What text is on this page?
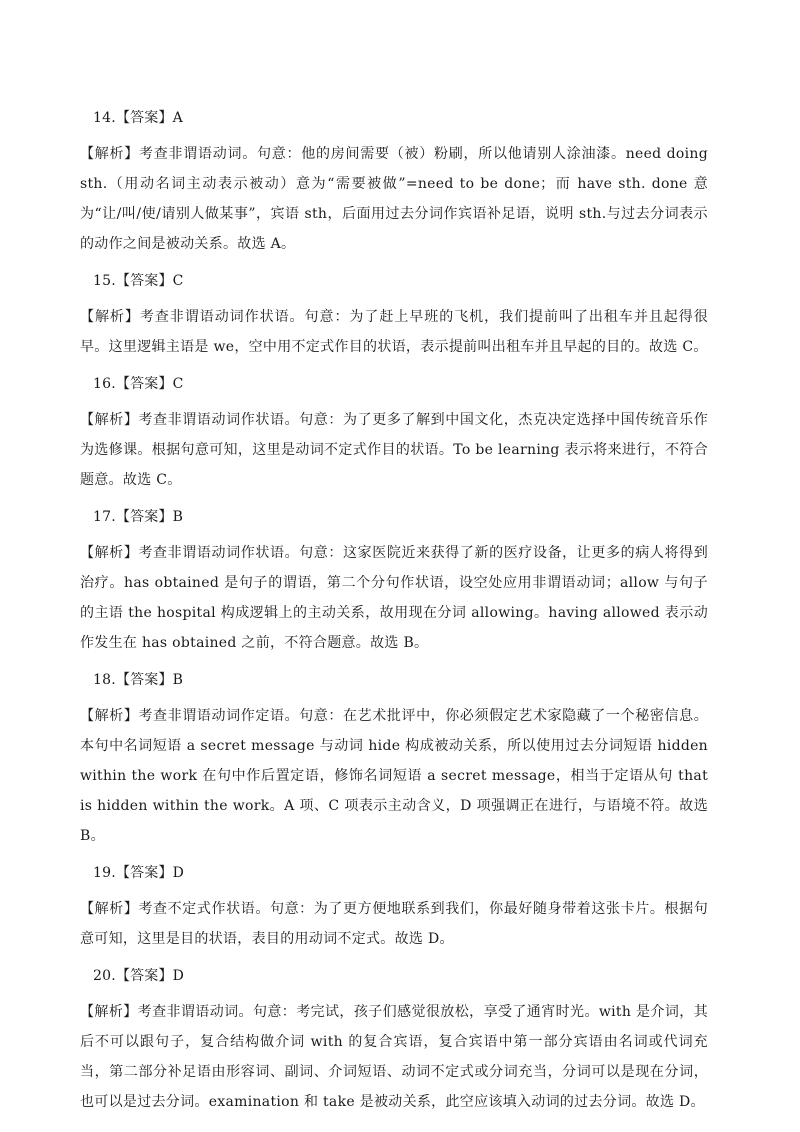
14.【答案】A

【解析】考查非谓语动词。句意：他的房间需要（被）粉刷，所以他请别人涂油漆。need doing sth.（用动名词主动表示被动）意为“需要被做”=need to be done；而 have sth. done 意为“让/叫/使/请别人做某事”，宾语 sth，后面用过去分词作宾语补足语，说明 sth.与过去分词表示的动作之间是被动关系。故选 A。

15.【答案】C

【解析】考查非谓语动词作状语。句意：为了赶上早班的飞机，我们提前叫了出租车并且起得很早。这里逻辑主语是 we，空中用不定式作目的状语，表示提前叫出租车并且早起的目的。故选 C。

16.【答案】C

【解析】考查非谓语动词作状语。句意：为了更多了解到中国文化，杰克决定选择中国传统音乐作为选修课。根据句意可知，这里是动词不定式作目的状语。To be learning 表示将来进行，不符合题意。故选 C。

17.【答案】B

【解析】考查非谓语动词作状语。句意：这家医院近来获得了新的医疗设备，让更多的病人将得到治疗。has obtained 是句子的谓语，第二个分句作状语，设空处应用非谓语动词；allow 与句子的主语 the hospital 构成逻辑上的主动关系，故用现在分词 allowing。having allowed 表示动作发生在 has obtained 之前，不符合题意。故选 B。

18.【答案】B

【解析】考查非谓语动词作定语。句意：在艺术批评中，你必须假定艺术家隐藏了一个秘密信息。本句中名词短语 a secret message 与动词 hide 构成被动关系，所以使用过去分词短语 hidden within the work 在句中作后置定语，修饰名词短语 a secret message，相当于定语从句 that is hidden within the work。A 项、C 项表示主动含义，D 项强调正在进行，与语境不符。故选 B。

19.【答案】D

【解析】考查不定式作状语。句意：为了更方便地联系到我们，你最好随身带着这张卡片。根据句意可知，这里是目的状语，表目的用动词不定式。故选 D。

20.【答案】D

【解析】考查非谓语动词。句意：考完试，孩子们感觉很放松，享受了通宵时光。with 是介词，其后不可以跟句子，复合结构做介词 with 的复合宾语，复合宾语中第一部分宾语由名词或代词充当，第二部分补足语由形容词、副词、介词短语、动词不定式或分词充当，分词可以是现在分词，也可以是过去分词。examination 和 take 是被动关系，此空应该填入动词的过去分词。故选 D。
